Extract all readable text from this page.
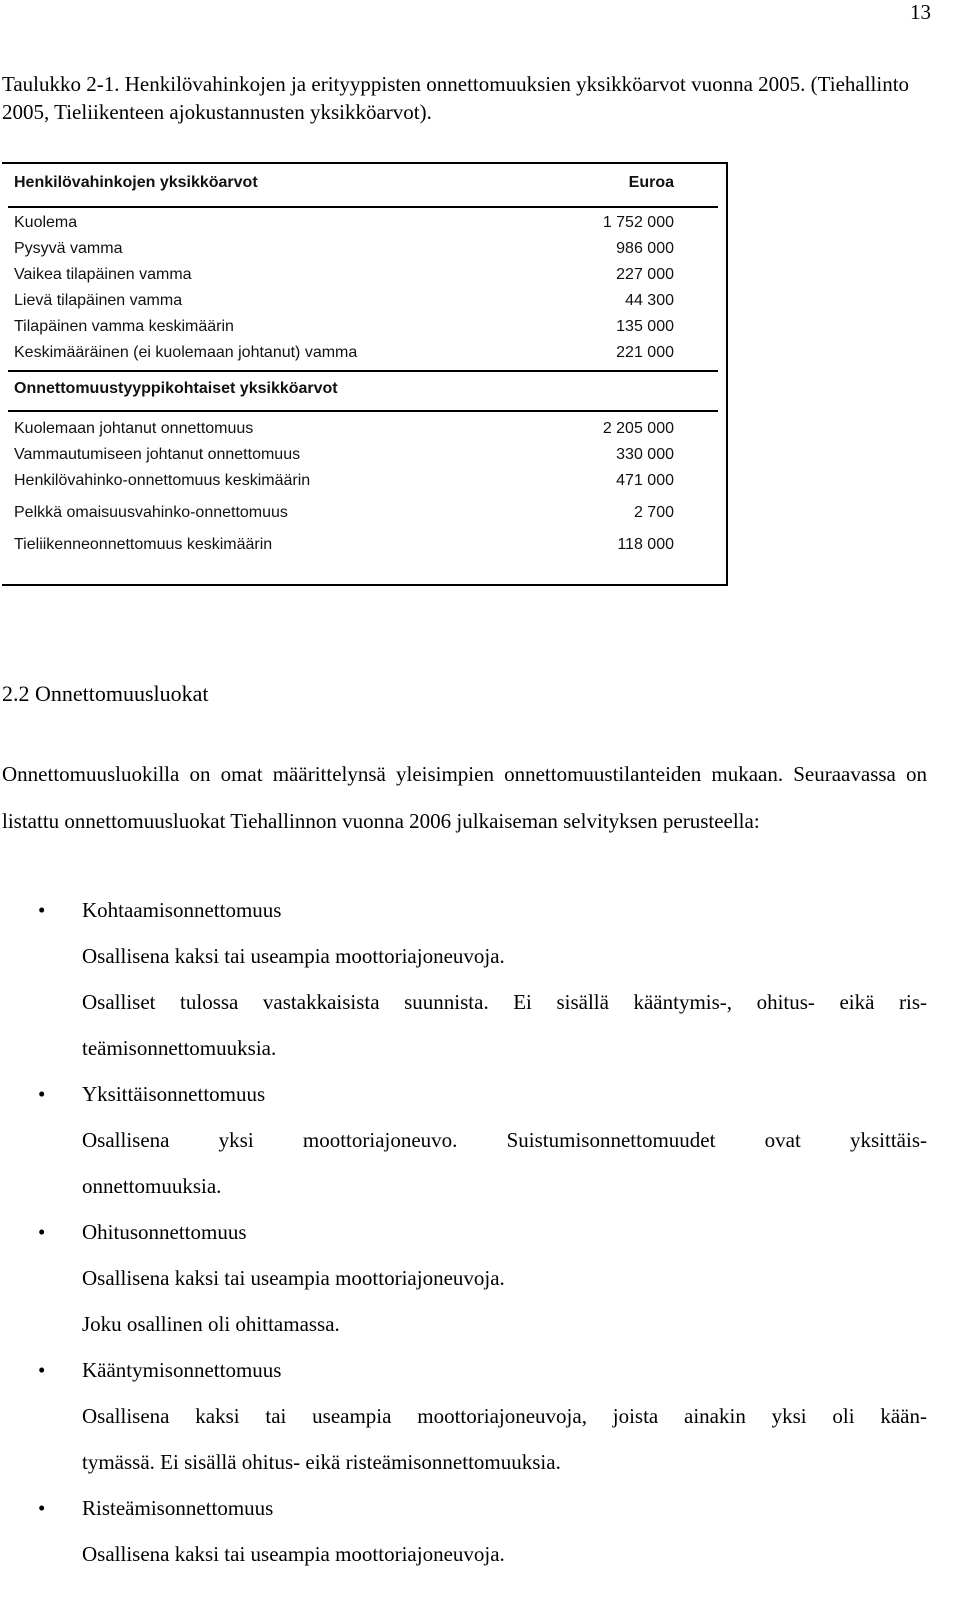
13

Taulukko 2-1. Henkilövahinkojen ja erityyppisten onnettomuuksien yksikköarvot vuonna 2005. (Tiehallinto 2005, Tieliikenteen ajokustannusten yksikköarvot).

Henkilövahinkojen yksikköarvot	Euroa
Kuolema	1 752 000
Pysyvä vamma	986 000
Vaikea tilapäinen vamma	227 000
Lievä tilapäinen vamma	44 300
Tilapäinen vamma keskimäärin	135 000
Keskimääräinen (ei kuolemaan johtanut) vamma	221 000
Onnettomuustyyppikohtaiset yksikköarvot
Kuolemaan johtanut onnettomuus	2 205 000
Vammautumiseen johtanut onnettomuus	330 000
Henkilövahinko-onnettomuus keskimäärin	471 000
Pelkkä omaisuusvahinko-onnettomuus	2 700
Tieliikenneonnettomuus keskimäärin	118 000
2.2 Onnettomuusluokat

Onnettomuusluokilla on omat määrittelynsä yleisimpien onnettomuustilanteiden mukaan. Seuraavassa on listattu onnettomuusluokat Tiehallinnon vuonna 2006 julkaiseman selvityksen perusteella:

• Kohtaamisonnettomuus
Osallisena kaksi tai useampia moottoriajoneuvoja.
Osalliset tulossa vastakkaisista suunnista. Ei sisällä kääntymis-, ohitus- eikä ris-
teämisonnettomuuksia.
• Yksittäisonnettomuus
Osallisena yksi moottoriajoneuvo. Suistumisonnettomuudet ovat yksittäis-
onnettomuuksia.
• Ohitusonnettomuus
Osallisena kaksi tai useampia moottoriajoneuvoja.
Joku osallinen oli ohittamassa.
• Kääntymisonnettomuus
Osallisena kaksi tai useampia moottoriajoneuvoja, joista ainakin yksi oli kään-
tymässä. Ei sisällä ohitus- eikä risteämisonnettomuuksia.
• Risteämisonnettomuus
Osallisena kaksi tai useampia moottoriajoneuvoja.
